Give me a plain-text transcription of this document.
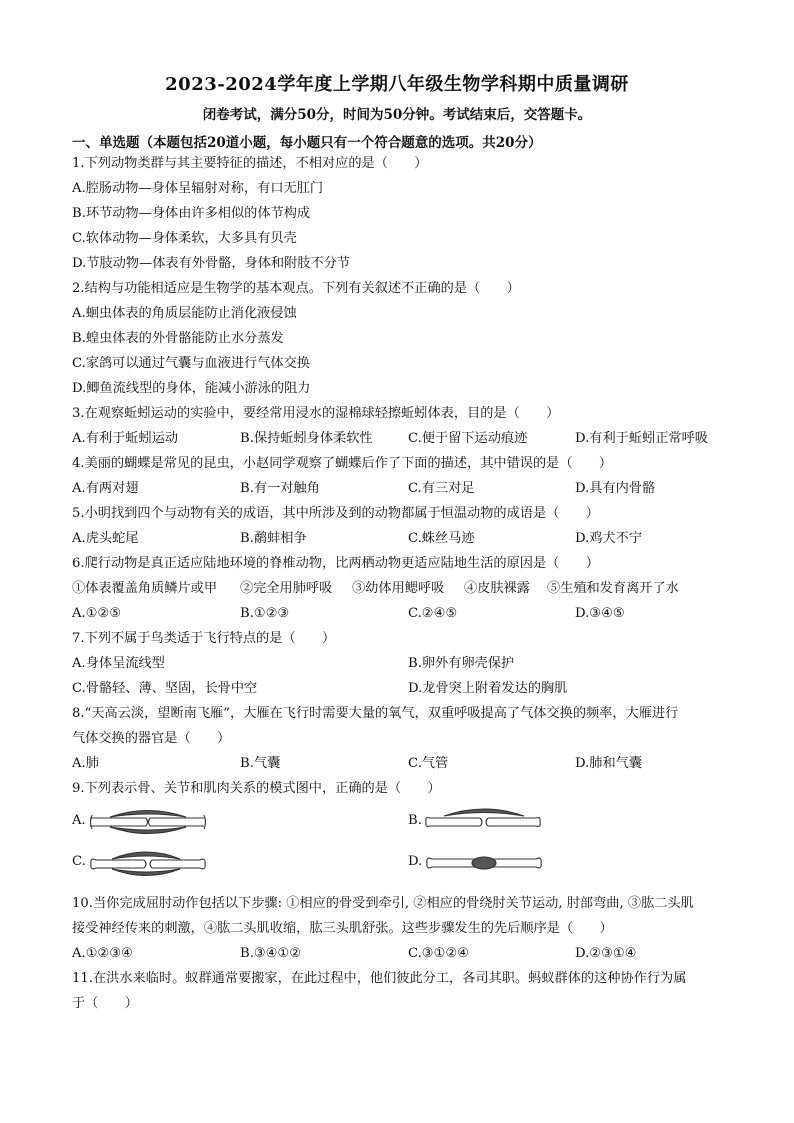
2023-2024学年度上学期八年级生物学科期中质量调研
闭卷考试，满分50分，时间为50分钟。考试结束后，交答题卡。
一、单选题（本题包括20道小题，每小题只有一个符合题意的选项。共20分）
1.下列动物类群与其主要特征的描述，不相对应的是（　　）
A.腔肠动物—身体呈辐射对称，有口无肛门
B.环节动物—身体由许多相似的体节构成
C.软体动物—身体柔软，大多具有贝壳
D.节肢动物—体表有外骨骼，身体和附肢不分节
2.结构与功能相适应是生物学的基本观点。下列有关叙述不正确的是（　　）
A.蛔虫体表的角质层能防止消化液侵蚀
B.蝗虫体表的外骨骼能防止水分蒸发
C.家鸽可以通过气囊与血液进行气体交换
D.鲫鱼流线型的身体，能减小游泳的阻力
3.在观察蚯蚓运动的实验中，要经常用浸水的湿棉球轻擦蚯蚓体表，目的是（　　）
A.有利于蚯蚓运动	B.保持蚯蚓身体柔软性	C.便于留下运动痕迹	D.有利于蚯蚓正常呼吸
4.美丽的蝴蝶是常见的昆虫，小赵同学观察了蝴蝶后作了下面的描述，其中错误的是（　　）
A.有两对翅	B.有一对触角	C.有三对足	D.具有内骨骼
5.小明找到四个与动物有关的成语，其中所涉及到的动物都属于恒温动物的成语是（　　）
A.虎头蛇尾	B.鹬蚌相争	C.蛛丝马迹	D.鸡犬不宁
6.爬行动物是真正适应陆地环境的脊椎动物，比两栖动物更适应陆地生活的原因是（　　）
①体表覆盖角质鳞片或甲 ②完全用肺呼吸 ③幼体用鳃呼吸 ④皮肤裸露 ⑤生殖和发育离开了水
A.①②⑤	B.①②③	C.②④⑤	D.③④⑤
7.下列不属于鸟类适于飞行特点的是（　　）
A.身体呈流线型	B.卵外有卵壳保护
C.骨骼轻、薄、坚固，长骨中空	D.龙骨突上附着发达的胸肌
8.“天高云淡，望断南飞雁”，大雁在飞行时需要大量的氧气，双重呼吸提高了气体交换的频率，大雁进行
气体交换的器官是（　　）
A.肺	B.气囊	C.气管	D.肺和气囊
9.下列表示骨、关节和肌肉关系的模式图中，正确的是（　　）
A.	B.
C.	D.
10.当你完成屈肘动作包括以下步骤: ①相应的骨受到牵引, ②相应的骨绕肘关节运动, 肘部弯曲, ③肱二头肌
接受神经传来的刺激，④肱二头肌收缩，肱三头肌舒张。这些步骤发生的先后顺序是（　　）
A.①②③④	B.③④①②	C.③①②④	D.②③①④
11.在洪水来临时。蚁群通常要搬家，在此过程中，他们彼此分工，各司其职。蚂蚁群体的这种协作行为属
于（　　）
